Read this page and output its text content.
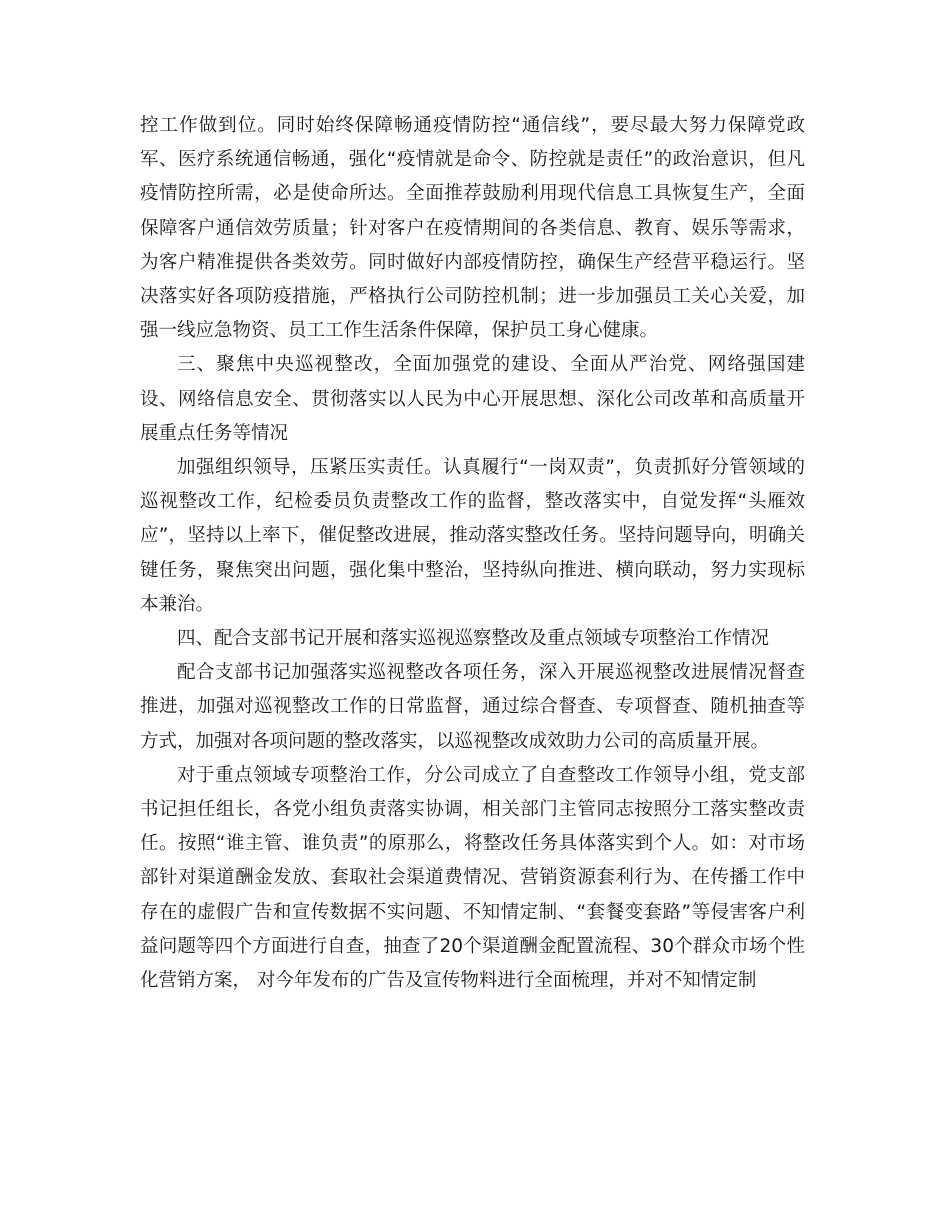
控工作做到位。同时始终保障畅通疫情防控“通信线”，要尽最大努力保障党政军、医疗系统通信畅通，强化“疫情就是命令、防控就是责任”的政治意识，但凡疫情防控所需，必是使命所达。全面推荐鼓励利用现代信息工具恢复生产，全面保障客户通信效劳质量；针对客户在疫情期间的各类信息、教育、娱乐等需求，为客户精准提供各类效劳。同时做好内部疫情防控，确保生产经营平稳运行。坚决落实好各项防疫措施，严格执行公司防控机制；进一步加强员工关心关爱，加强一线应急物资、员工工作生活条件保障，保护员工身心健康。

三、聚焦中央巡视整改，全面加强党的建设、全面从严治党、网络强国建设、网络信息安全、贯彻落实以人民为中心开展思想、深化公司改革和高质量开展重点任务等情况

加强组织领导，压紧压实责任。认真履行“一岗双责”，负责抓好分管领域的巡视整改工作，纪检委员负责整改工作的监督，整改落实中，自觉发挥“头雁效应”，坚持以上率下，催促整改进展，推动落实整改任务。坚持问题导向，明确关键任务，聚焦突出问题，强化集中整治，坚持纵向推进、横向联动，努力实现标本兼治。

四、配合支部书记开展和落实巡视巡察整改及重点领域专项整治工作情况

配合支部书记加强落实巡视整改各项任务，深入开展巡视整改进展情况督查推进，加强对巡视整改工作的日常监督，通过综合督查、专项督查、随机抽查等方式，加强对各项问题的整改落实，以巡视整改成效助力公司的高质量开展。

对于重点领域专项整治工作，分公司成立了自查整改工作领导小组，党支部书记担任组长，各党小组负责落实协调，相关部门主管同志按照分工落实整改责任。按照“谁主管、谁负责”的原那么，将整改任务具体落实到个人。如：对市场部针对渠道酬金发放、套取社会渠道费情况、营销资源套利行为、在传播工作中存在的虚假广告和宣传数据不实问题、不知情定制、“套餐变套路”等侵害客户利益问题等四个方面进行自查，抽查了20个渠道酬金配置流程、30个群众市场个性化营销方案， 对今年发布的广告及宣传物料进行全面梳理，并对不知情定制
